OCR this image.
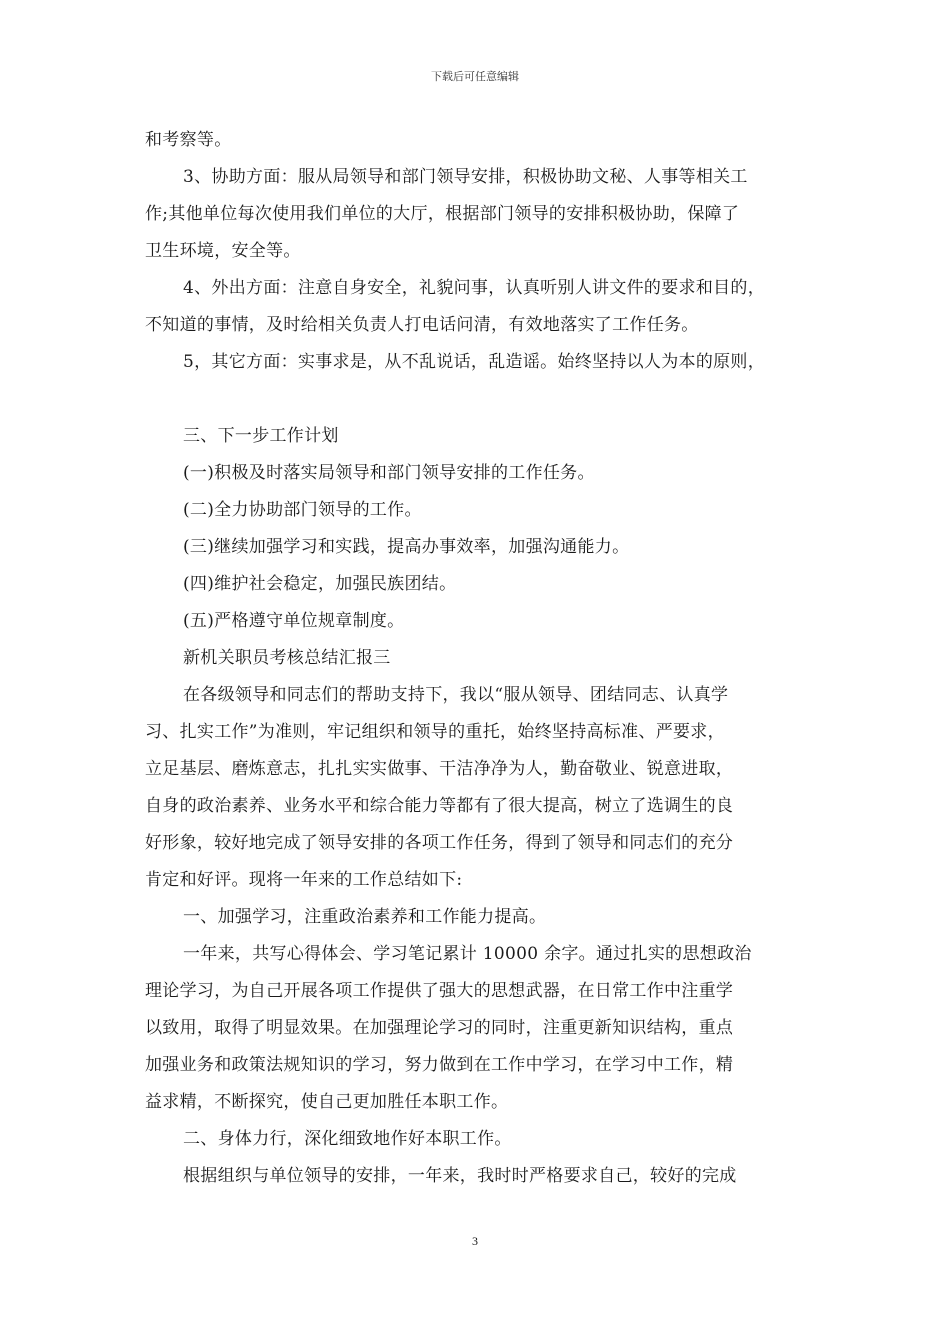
下载后可任意编辑
和考察等。
3、协助方面：服从局领导和部门领导安排，积极协助文秘、人事等相关工
作;其他单位每次使用我们单位的大厅，根据部门领导的安排积极协助，保障了
卫生环境，安全等。
4、外出方面：注意自身安全，礼貌问事，认真听别人讲文件的要求和目的，
不知道的事情，及时给相关负责人打电话问清，有效地落实了工作任务。
5，其它方面：实事求是，从不乱说话，乱造谣。始终坚持以人为本的原则，
三、下一步工作计划
(一)积极及时落实局领导和部门领导安排的工作任务。
(二)全力协助部门领导的工作。
(三)继续加强学习和实践，提高办事效率，加强沟通能力。
(四)维护社会稳定，加强民族团结。
(五)严格遵守单位规章制度。
新机关职员考核总结汇报三
在各级领导和同志们的帮助支持下，我以“服从领导、团结同志、认真学
习、扎实工作”为准则，牢记组织和领导的重托，始终坚持高标准、严要求，
立足基层、磨炼意志，扎扎实实做事、干洁净净为人，勤奋敬业、锐意进取，
自身的政治素养、业务水平和综合能力等都有了很大提高，树立了选调生的良
好形象，较好地完成了领导安排的各项工作任务，得到了领导和同志们的充分
肯定和好评。现将一年来的工作总结如下:
一、加强学习，注重政治素养和工作能力提高。
一年来，共写心得体会、学习笔记累计 10000 余字。通过扎实的思想政治
理论学习，为自己开展各项工作提供了强大的思想武器，在日常工作中注重学
以致用，取得了明显效果。在加强理论学习的同时，注重更新知识结构，重点
加强业务和政策法规知识的学习，努力做到在工作中学习，在学习中工作，精
益求精，不断探究，使自己更加胜任本职工作。
二、身体力行，深化细致地作好本职工作。
根据组织与单位领导的安排，一年来，我时时严格要求自己，较好的完成
3
